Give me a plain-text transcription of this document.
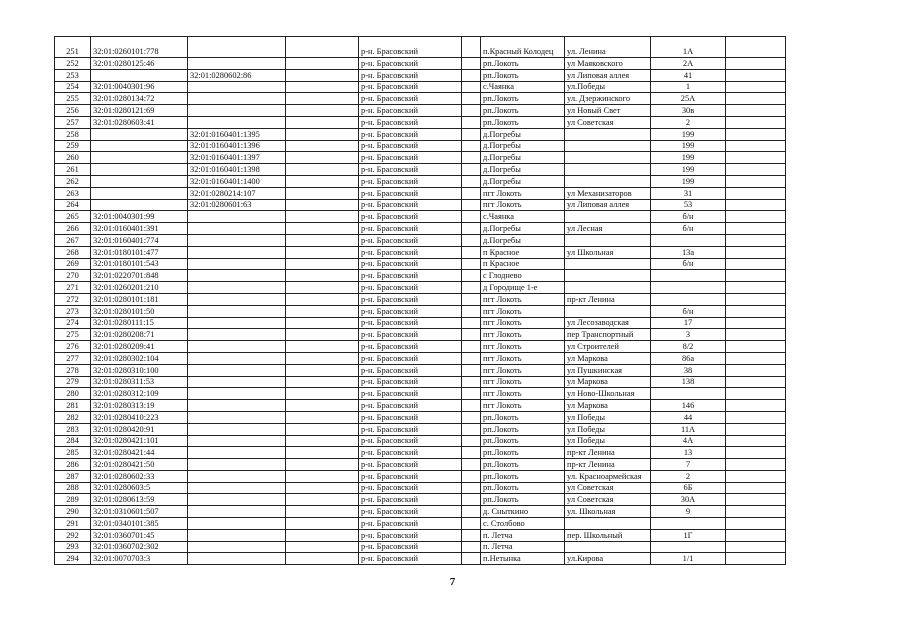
251	32:01:0260101:778			р-н. Брасовский		п.Красный Колодец	ул. Ленина	1А	
252	32:01:0280125:46			р-н. Брасовский		рп.Локоть	ул Маяковского	2А	
253		32:01:0280602:86		р-н. Брасовский		рп.Локоть	ул Липовая аллея	41	
254	32:01:0040301:96			р-н. Брасовский		с.Чаянка	ул.Победы	1	
255	32:01:0280134:72			р-н. Брасовский		рп.Локоть	ул. Дзержинского	25А	
256	32:01:0280121:69			р-н. Брасовский		рп.Локоть	ул Новый Свет	30в	
257	32:01:0280603:41			р-н. Брасовский		рп.Локоть	ул Советская	2	
258		32:01:0160401:1395		р-н. Брасовский		д.Погребы		199	
259		32:01:0160401:1396		р-н. Брасовский		д.Погребы		199	
260		32:01:0160401:1397		р-н. Брасовский		д.Погребы		199	
261		32:01:0160401:1398		р-н. Брасовский		д.Погребы		199	
262		32:01:0160401:1400		р-н. Брасовский		д.Погребы		199	
263		32:01:0280214:107		р-н. Брасовский		пгт Локоть	ул Механизаторов	31	
264		32:01:0280601:63		р-н. Брасовский		пгт Локоть	ул Липовая аллея	53	
265	32:01:0040301:99			р-н. Брасовский		с.Чаянка		б/н	
266	32:01:0160401:391			р-н. Брасовский		д.Погребы	ул Лесная	б/н	
267	32:01:0160401:774			р-н. Брасовский		д.Погребы			
268	32:01:0180101:477			р-н. Брасовский		п Красное	ул Школьная	13а	
269	32:01:0180101:543			р-н. Брасовский		п Красное		б/н	
270	32:01:0220701:848			р-н. Брасовский		с Глоднево			
271	32:01:0260201:210			р-н. Брасовский		д Городище 1-е			
272	32:01:0280101:181			р-н. Брасовский		пгт Локоть	пр-кт Ленина		
273	32:01:0280101:50			р-н. Брасовский		пгт Локоть		б/н	
274	32:01:0280111:15			р-н. Брасовский		пгт Локоть	ул Лесозаводская	17	
275	32:01:0280208:71			р-н. Брасовский		пгт Локоть	пер Транспортный	3	
276	32:01:0280209:41			р-н. Брасовский		пгт Локоть	ул Строителей	8/2	
277	32:01:0280302:104			р-н. Брасовский		пгт Локоть	ул Маркова	86а	
278	32:01:0280310:100			р-н. Брасовский		пгт Локоть	ул Пушкинская	38	
279	32:01:0280311:53			р-н. Брасовский		пгт Локоть	ул Маркова	138	
280	32:01:0280312:109			р-н. Брасовский		пгт Локоть	ул Ново-Школьная		
281	32:01:0280313:19			р-н. Брасовский		пгт Локоть	ул Маркова	146	
282	32:01:0280410:223			р-н. Брасовский		рп.Локоть	ул Победы	44	
283	32:01:0280420:91			р-н. Брасовский		рп.Локоть	ул Победы	11А	
284	32:01:0280421:101			р-н. Брасовский		рп.Локоть	ул Победы	4А	
285	32:01:0280421:44			р-н. Брасовский		рп.Локоть	пр-кт Ленина	13	
286	32:01:0280421:50			р-н. Брасовский		рп.Локоть	пр-кт Ленина	7	
287	32:01:0280602:33			р-н. Брасовский		рп.Локоть	ул. Красноармейская	2	
288	32:01:0280603:5			р-н. Брасовский		рп.Локоть	ул Советская	6Б	
289	32:01:0280613:59			р-н. Брасовский		рп.Локоть	ул Советская	30А	
290	32:01:0310601:507			р-н. Брасовский		д. Сныткино	ул. Школьная	9	
291	32:01:0340101:385			р-н. Брасовский		с. Столбово			
292	32:01:0360701:45			р-н. Брасовский		п. Летча	пер. Школьный	1Г	
293	32:01:0360702:302			р-н. Брасовский		п. Летча			
294	32:01:0070703:3			р-н. Брасовский		п.Нетынка	ул.Кирова	1/1	
7
